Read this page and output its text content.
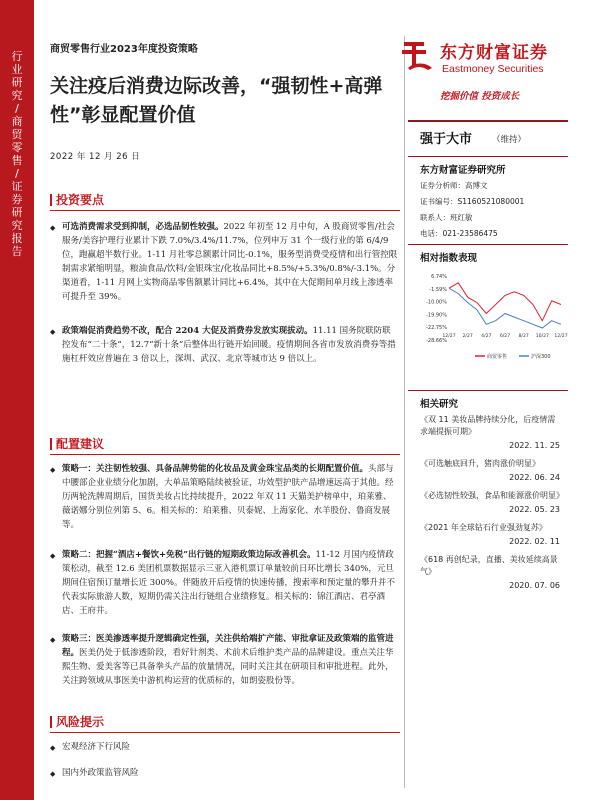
行
业
研
究
/
商
贸
零
售
/
证
券
研
究
报
告
商贸零售行业2023年度投资策略
关注疫后消费边际改善，“强韧性+高弹性”彰显配置价值
2022 年 12 月 26 日
东方财富证券
Eastmoney Securities
挖掘价值 投资成长
强于大市 （维持）
东方财富证券研究所
证券分析师：高博文
证书编号：S1160521080001
联系人：班红敏
电话：021-23586475
相对指数表现
6.74%
-1.59%
-10.00%
-19.90%
-22.75%
-28.66%
12/27 2/27 4/27 6/27 8/27 10/27 12/27
商贸零售	沪深300
相关研究
《双 11 美妆品牌持续分化，后疫情需求端提振可期》
2022. 11. 25
《可选触底回升，猪肉涨价明显》
2022. 06. 24
《必选韧性较强，食品和能源涨价明显》
2022. 05. 23
《2021 年全球钻石行业强劲复苏》
2022. 02. 11
《618 再创纪录，直播、美妆延续高景气》
2020. 07. 06
投资要点
◆ 可选消费需求受到抑制，必选品韧性较强。2022 年初至 12 月中旬，A 股商贸零售/社会服务/美容护理行业累计下跌 7.0%/3.4%/11.7%，位列申万 31 个一级行业的第 6/4/9 位，跑赢超半数行业。1-11 月社零总额累计同比-0.1%，服务型消费受疫情和出行管控限制需求紧缩明显，粮油食品/饮料/金银珠宝/化妆品同比+8.5%/+5.3%/0.8%/-3.1%。分渠道看，1-11 月网上实物商品零售额累计同比+6.4%，其中在大促期间单月线上渗透率可提升至 39%。
◆ 政策端促消费趋势不改，配合 2204 大促及消费券发放实现拔动。11.11 国务院联防联控发布“二十条”，12.7“新十条”后整体出行链开始回暖。疫情期间各省市发放消费券等措施杠杆效应普遍在 3 倍以上，深圳、武汉、北京等城市达 9 倍以上。
配置建议
◆ 策略一：关注韧性较强、具备品牌势能的化妆品及黄金珠宝品类的长期配置价值。头部与中腰部企业业绩分化加剧，大单品策略陆续被验证，功效型护肤产品增速远高于其他。经历两轮洗牌周期后，国货美妆占比持续提升，2022 年双 11 天猫美护榜单中，珀莱雅、薇诺娜分别位列第 5、6。相关标的：珀莱雅、贝泰妮、上海家化、水羊股份、鲁商发展等。
◆ 策略二：把握“酒店+餐饮+免税”出行链的短期政策边际改善机会。11-12 月国内疫情政策松动，截至 12.6 美团机票数据显示三亚入港机票订单量较前日环比增长 340%，元旦期间住宿预订量增长近 300%。伴随放开后疫情的快速传播，搜索率和预定量的攀升并不代表实际旅游人数，短期仍需关注出行链组合业绩修复。相关标的：锦江酒店、君亭酒店、王府井。
◆ 策略三：医美渗透率提升逻辑确定性强，关注供给端扩产能、审批拿证及政策端的监管进程。医美仍处于低渗透阶段，看好针剂类、术前术后维护类产品的品牌建设。重点关注华熙生物、爱美客等已具备拳头产品的放量情况，同时关注其在研项目和审批进程。此外，关注跨领域从事医美中游机构运营的优质标的，如朗姿股份等。
风险提示
◆ 宏观经济下行风险
◆ 国内外政策监管风险
